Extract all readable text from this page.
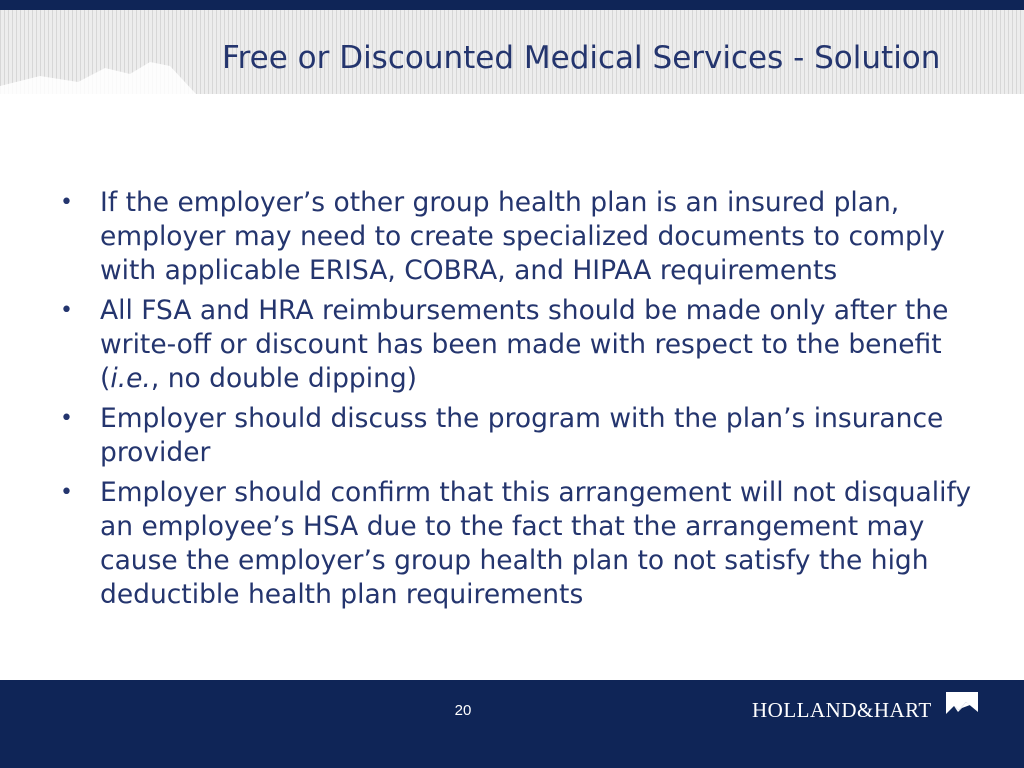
Free or Discounted Medical Services - Solution
• If the employer’s other group health plan is an insured plan, employer may need to create specialized documents to comply with applicable ERISA, COBRA, and HIPAA requirements
• All FSA and HRA reimbursements should be made only after the write-off or discount has been made with respect to the benefit (i.e., no double dipping)
• Employer should discuss the program with the plan’s insurance provider
• Employer should confirm that this arrangement will not disqualify an employee’s HSA due to the fact that the arrangement may cause the employer’s group health plan to not satisfy the high deductible health plan requirements
20	HOLLAND&HART
